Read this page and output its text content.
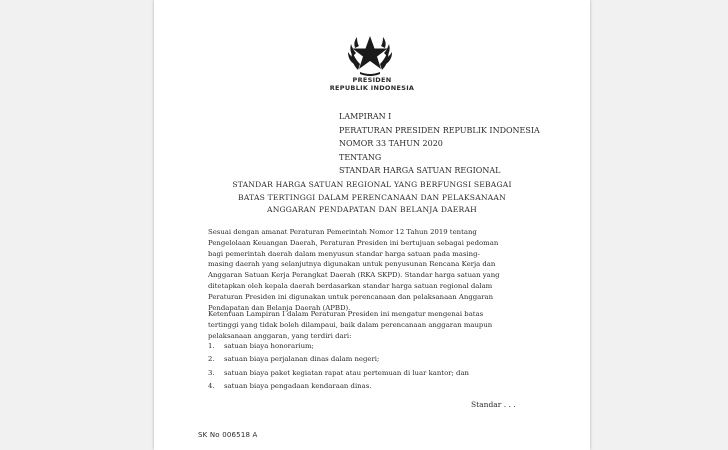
PRESIDEN
REPUBLIK INDONESIA
LAMPIRAN I
PERATURAN PRESIDEN REPUBLIK INDONESIA
NOMOR 33 TAHUN 2020
TENTANG
STANDAR HARGA SATUAN REGIONAL
STANDAR HARGA SATUAN REGIONAL YANG BERFUNGSI SEBAGAI
BATAS TERTINGGI DALAM PERENCANAAN DAN PELAKSANAAN
ANGGARAN PENDAPATAN DAN BELANJA DAERAH
Sesuai dengan amanat Peraturan Pemerintah Nomor 12 Tahun 2019 tentang
Pengelolaan Keuangan Daerah, Peraturan Presiden ini bertujuan sebagai pedoman
bagi pemerintah daerah dalam menyusun standar harga satuan pada masing-
masing daerah yang selanjutnya digunakan untuk penyusunan Rencana Kerja dan
Anggaran Satuan Kerja Perangkat Daerah (RKA SKPD). Standar harga satuan yang
ditetapkan oleh kepala daerah berdasarkan standar harga satuan regional dalam
Peraturan Presiden ini digunakan untuk perencanaan dan pelaksanaan Anggaran
Pendapatan dan Belanja Daerah (APBD).
Ketentuan Lampiran I dalam Peraturan Presiden ini mengatur mengenai batas
tertinggi yang tidak boleh dilampaui, baik dalam perencanaan anggaran maupun
pelaksanaan anggaran, yang terdiri dari:
1. satuan biaya honorarium;
2. satuan biaya perjalanan dinas dalam negeri;
3. satuan biaya paket kegiatan rapat atau pertemuan di luar kantor; dan
4. satuan biaya pengadaan kendaraan dinas.
Standar . . .
SK No 006518 A
